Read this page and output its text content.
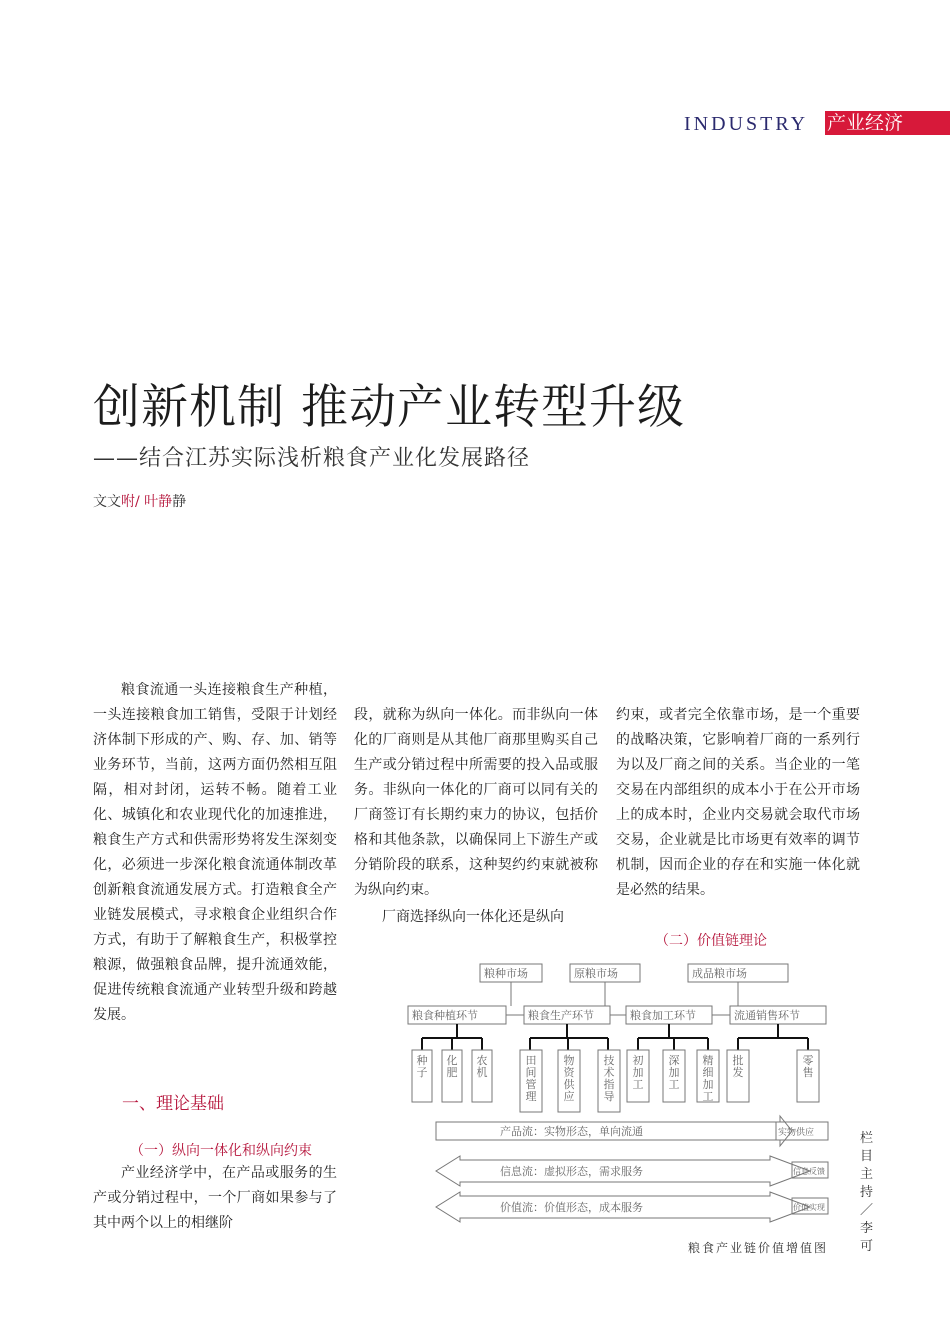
INDUSTRY 产业经济
创新机制 推动产业转型升级
——结合江苏实际浅析粮食产业化发展路径
文文咐/ 叶静静

粮食流通一头连接粮食生产种植，一头连接粮食加工销售，受限于计划经济体制下形成的产、购、存、加、销等业务环节，当前，这两方面仍然相互阻隔，相对封闭，运转不畅。随着工业化、城镇化和农业现代化的加速推进，粮食生产方式和供需形势将发生深刻变化，必须进一步深化粮食流通体制改革创新粮食流通发展方式。打造粮食全产业链发展模式，寻求粮食企业组织合作方式，有助于了解粮食生产，积极掌控粮源，做强粮食品牌，提升流通效能，促进传统粮食流通产业转型升级和跨越发展。

一、理论基础
（一）纵向一体化和纵向约束

产业经济学中，在产品或服务的生产或分销过程中，一个厂商如果参与了其中两个以上的相继阶

段，就称为纵向一体化。而非纵向一体化的厂商则是从其他厂商那里购买自己生产或分销过程中所需要的投入品或服务。非纵向一体化的厂商可以同有关的厂商签订有长期约束力的协议，包括价格和其他条款，以确保同上下游生产或分销阶段的联系，这种契约约束就被称为纵向约束。

厂商选择纵向一体化还是纵向

约束，或者完全依靠市场，是一个重要的战略决策，它影响着厂商的一系列行为以及厂商之间的关系。当企业的一笔交易在内部组织的成本小于在公开市场上的成本时，企业内交易就会取代市场交易，企业就是比市场更有效率的调节机制，因而企业的存在和实施一体化就是必然的结果。

（二）价值链理论
粮种市场	原粮市场	成品粮市场
粮食种植环节	粮食生产环节	粮食加工环节	流通销售环节
产品流：实物形态，单向流通
信息流：虚拟形态，需求服务
价值流：价值形态，成本服务
实物供应
信息反馈
价值实现
种
子
化
肥
农
机
田
间
管
理
物
资
供
应
技
术
指
导
初
加
工
深
加
工
精
细
加
工
批
发
零
售
粮食产业链价值增值图
栏目主持／李可
